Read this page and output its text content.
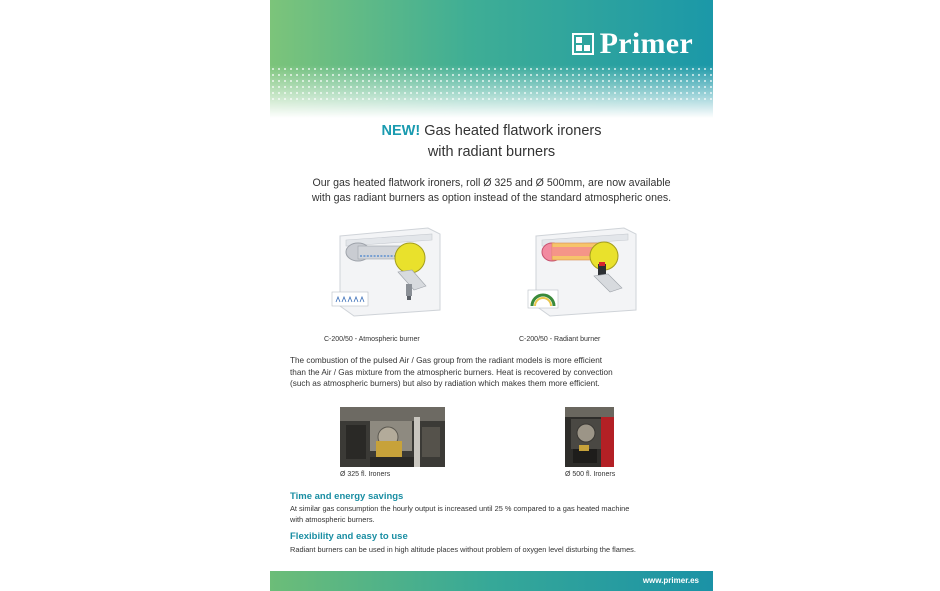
Primer
NEW! Gas heated flatwork ironers
with radiant burners
Our gas heated flatwork ironers, roll Ø 325 and Ø 500mm, are now available
with gas radiant burners as option instead of the standard atmospheric ones.
C-200/50 - Atmospheric burner	C-200/50 - Radiant burner
The combustion of the pulsed Air / Gas group from the radiant models is more efficient
than the Air / Gas mixture from the atmospheric burners. Heat is recovered by convection
(such as atmospheric burners) but also by radiation which makes them more efficient.
Ø 325 fl. Ironers	Ø 500 fl. Ironers
Time and energy savings
At similar gas consumption the hourly output is increased until 25 % compared to a gas heated machine
with atmospheric burners.
Flexibility and easy to use
Radiant burners can be used in high altitude places without problem of oxygen level disturbing the flames.
www.primer.es
